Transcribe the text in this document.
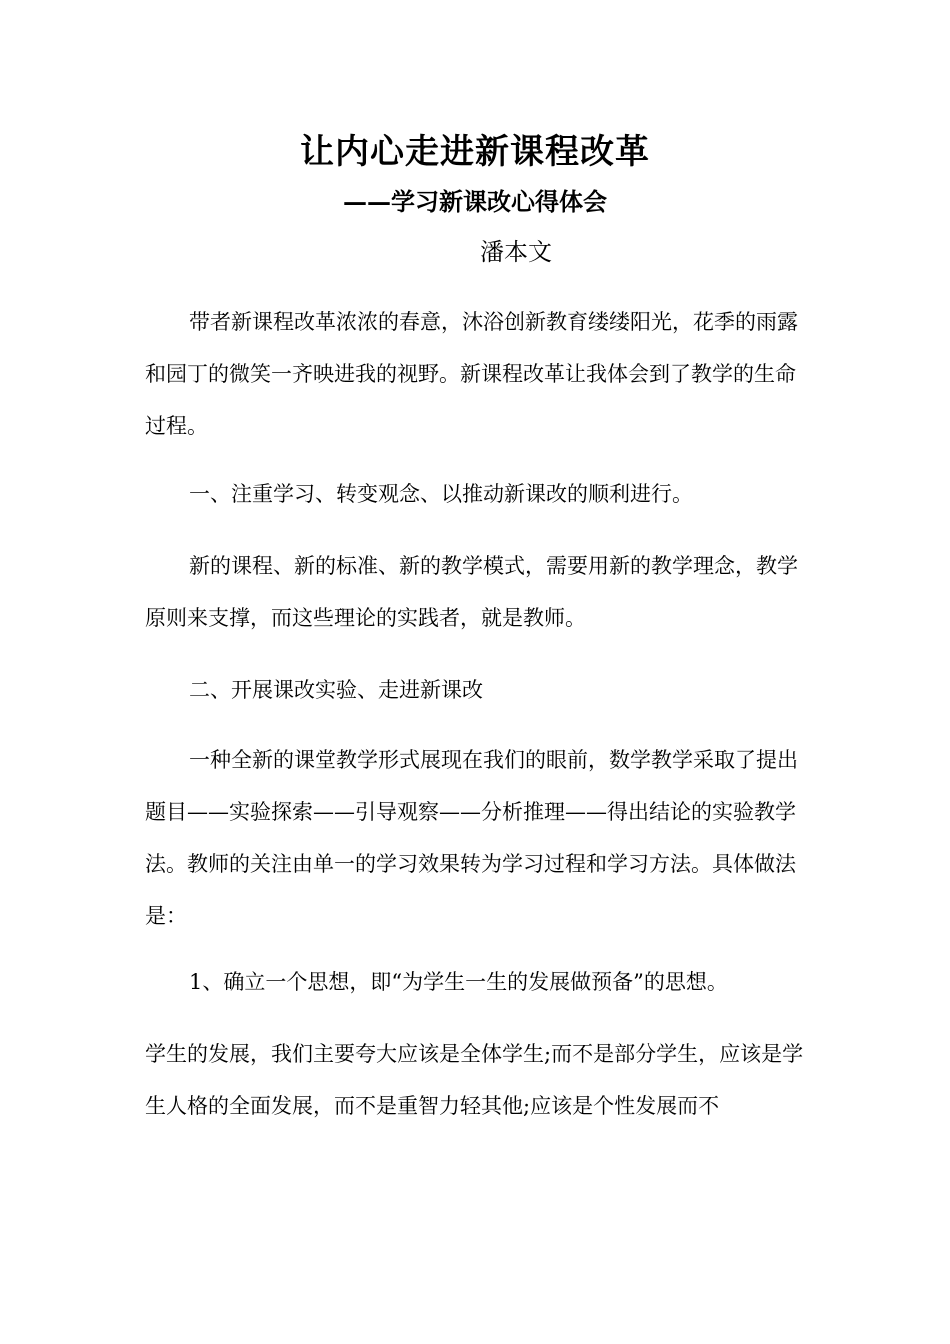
让内心走进新课程改革
——学习新课改心得体会
潘本文

带者新课程改革浓浓的春意，沐浴创新教育缕缕阳光，花季的雨露和园丁的微笑一齐映进我的视野。新课程改革让我体会到了教学的生命过程。

一、注重学习、转变观念、以推动新课改的顺利进行。

新的课程、新的标准、新的教学模式，需要用新的教学理念，教学原则来支撑，而这些理论的实践者，就是教师。

二、开展课改实验、走进新课改

一种全新的课堂教学形式展现在我们的眼前，数学教学采取了提出题目——实验探索——引导观察——分析推理——得出结论的实验教学法。教师的关注由单一的学习效果转为学习过程和学习方法。具体做法是：

1、确立一个思想，即“为学生一生的发展做预备”的思想。

学生的发展，我们主要夸大应该是全体学生;而不是部分学生，应该是学生人格的全面发展，而不是重智力轻其他;应该是个性发展而不
